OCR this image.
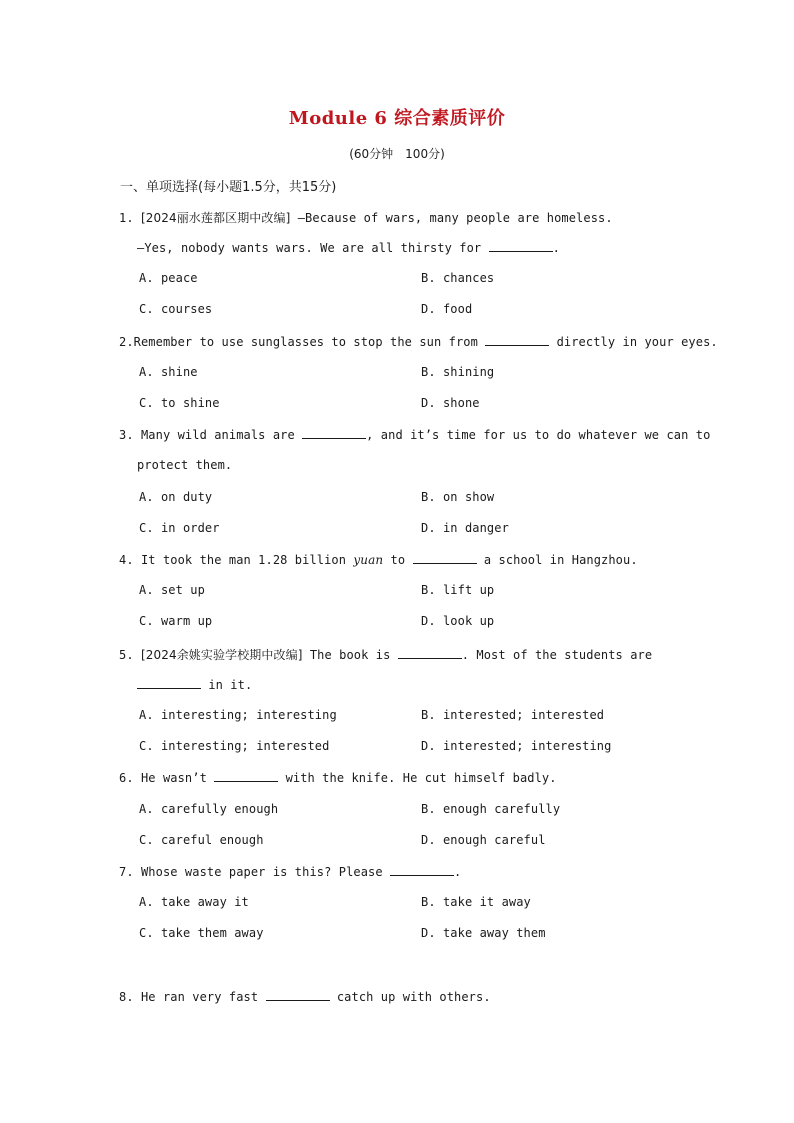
Module 6 综合素质评价
(60分钟　100分)
一、单项选择(每小题1.5分，共15分)
1. [2024丽水莲都区期中改编] —Because of wars, many people are homeless.
—Yes, nobody wants wars. We are all thirsty for	.
A. peace	B. chances
C. courses	D. food
2.Remember to use sunglasses to stop the sun from	directly in your eyes.
A. shine	B. shining
C. to shine	D. shone
3. Many wild animals are	, and it’s time for us to do whatever we can to
protect them.
A. on duty	B. on show
C. in order	D. in danger
4. It took the man 1.28 billion yuan to	a school in Hangzhou.
A. set up	B. lift up
C. warm up	D. look up
5. [2024余姚实验学校期中改编] The book is	. Most of the students are
in it.
A. interesting; interesting	B. interested; interested
C. interesting; interested	D. interested; interesting
6. He wasn’t	with the knife. He cut himself badly.
A. carefully enough	B. enough carefully
C. careful enough	D. enough careful
7. Whose waste paper is this? Please	.
A. take away it	B. take it away
C. take them away	D. take away them
8. He ran very fast	catch up with others.
